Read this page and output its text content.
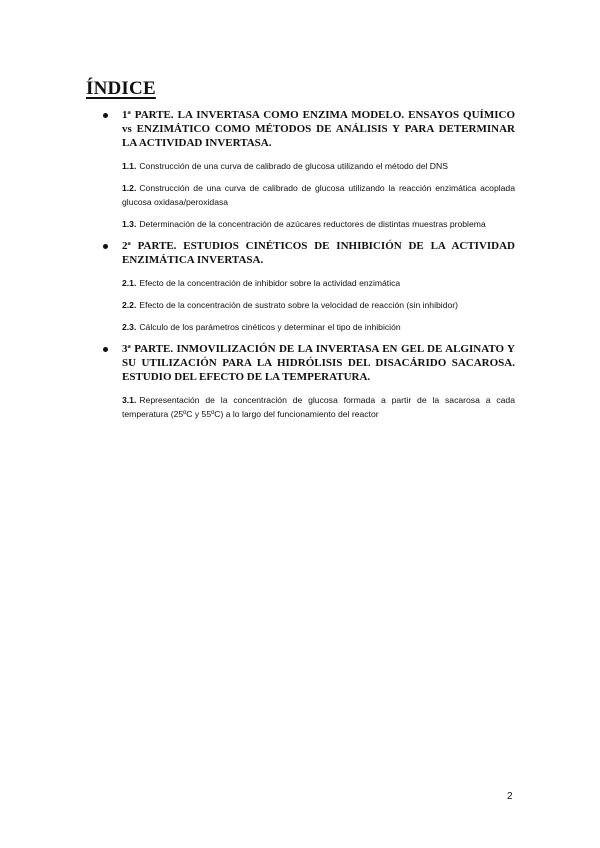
ÍNDICE

1ª PARTE. LA INVERTASA COMO ENZIMA MODELO. ENSAYOS QUÍMICO vs ENZIMÁTICO COMO MÉTODOS DE ANÁLISIS Y PARA DETERMINAR LA ACTIVIDAD INVERTASA.

1.1. Construcción de una curva de calibrado de glucosa utilizando el método del DNS

1.2. Construcción de una curva de calibrado de glucosa utilizando la reacción enzimática acoplada glucosa oxidasa/peroxidasa

1.3. Determinación de la concentración de azúcares reductores de distintas muestras problema

2ª PARTE. ESTUDIOS CINÉTICOS DE INHIBICIÓN DE LA ACTIVIDAD ENZIMÁTICA INVERTASA.

2.1. Efecto de la concentración de inhibidor sobre la actividad enzimática

2.2. Efecto de la concentración de sustrato sobre la velocidad de reacción (sin inhibidor)

2.3. Cálculo de los parámetros cinéticos y determinar el tipo de inhibición

3ª PARTE. INMOVILIZACIÓN DE LA INVERTASA EN GEL DE ALGINATO Y SU UTILIZACIÓN PARA LA HIDRÓLISIS DEL DISACÁRIDO SACAROSA. ESTUDIO DEL EFECTO DE LA TEMPERATURA.

3.1. Representación de la concentración de glucosa formada a partir de la sacarosa a cada temperatura (25ºC y 55ºC) a lo largo del funcionamiento del reactor

2
